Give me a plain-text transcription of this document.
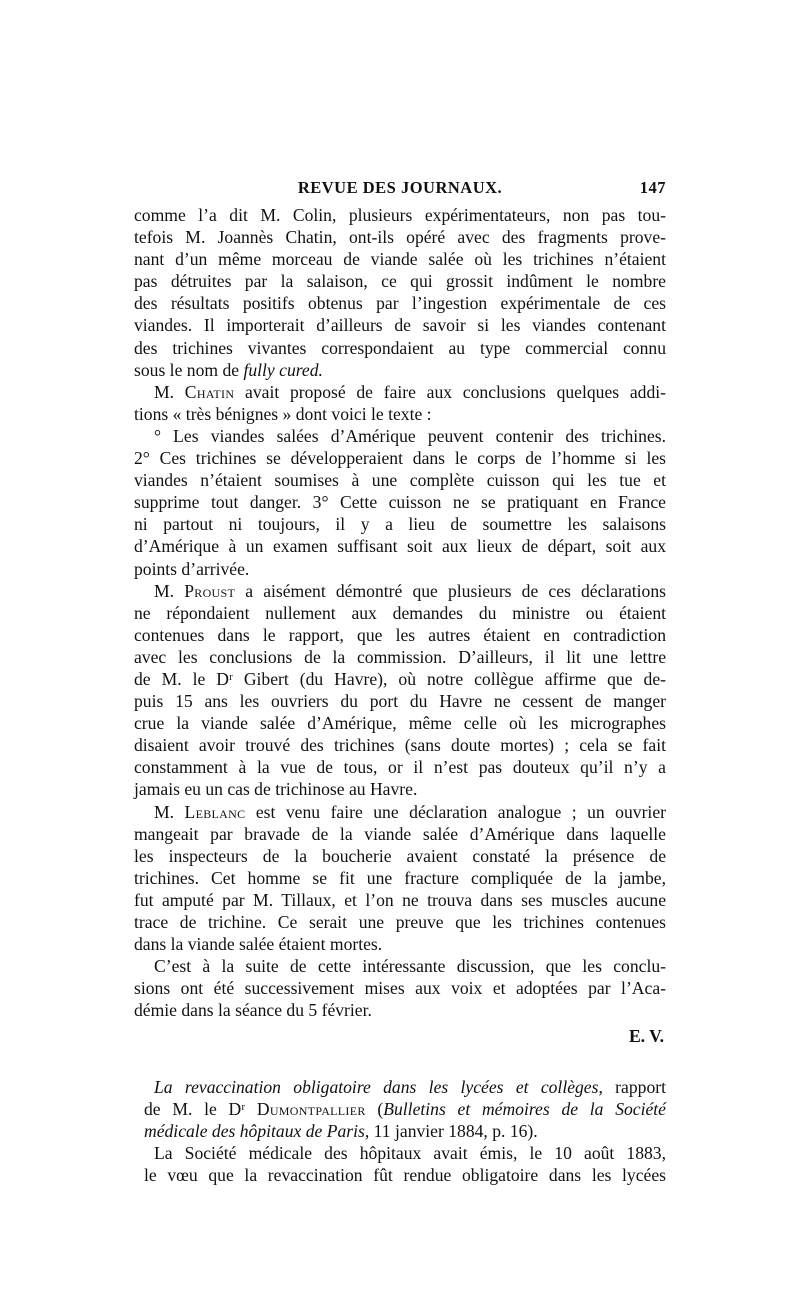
REVUE DES JOURNAUX.	147
comme l’a dit M. Colin, plusieurs expérimentateurs, non pas tou-
tefois M. Joannès Chatin, ont-ils opéré avec des fragments prove-
nant d’un même morceau de viande salée où les trichines n’étaient
pas détruites par la salaison, ce qui grossit indûment le nombre
des résultats positifs obtenus par l’ingestion expérimentale de ces
viandes. Il importerait d’ailleurs de savoir si les viandes contenant
des trichines vivantes correspondaient au type commercial connu
sous le nom de fully cured.
M. Chatin avait proposé de faire aux conclusions quelques addi-
tions « très bénignes » dont voici le texte :
° Les viandes salées d’Amérique peuvent contenir des trichines.
2° Ces trichines se développeraient dans le corps de l’homme si les
viandes n’étaient soumises à une complète cuisson qui les tue et
supprime tout danger. 3° Cette cuisson ne se pratiquant en France
ni partout ni toujours, il y a lieu de soumettre les salaisons
d’Amérique à un examen suffisant soit aux lieux de départ, soit aux
points d’arrivée.
M. Proust a aisément démontré que plusieurs de ces déclarations
ne répondaient nullement aux demandes du ministre ou étaient
contenues dans le rapport, que les autres étaient en contradiction
avec les conclusions de la commission. D’ailleurs, il lit une lettre
de M. le Dʳ Gibert (du Havre), où notre collègue affirme que de-
puis 15 ans les ouvriers du port du Havre ne cessent de manger
crue la viande salée d’Amérique, même celle où les micrographes
disaient avoir trouvé des trichines (sans doute mortes) ; cela se fait
constamment à la vue de tous, or il n’est pas douteux qu’il n’y a
jamais eu un cas de trichinose au Havre.
M. Leblanc est venu faire une déclaration analogue ; un ouvrier
mangeait par bravade de la viande salée d’Amérique dans laquelle
les inspecteurs de la boucherie avaient constaté la présence de
trichines. Cet homme se fit une fracture compliquée de la jambe,
fut amputé par M. Tillaux, et l’on ne trouva dans ses muscles aucune
trace de trichine. Ce serait une preuve que les trichines contenues
dans la viande salée étaient mortes.
C’est à la suite de cette intéressante discussion, que les conclu-
sions ont été successivement mises aux voix et adoptées par l’Aca-
démie dans la séance du 5 février.
E. V.
La revaccination obligatoire dans les lycées et collèges, rapport
de M. le Dʳ Dumontpallier (Bulletins et mémoires de la Société
médicale des hôpitaux de Paris, 11 janvier 1884, p. 16).
La Société médicale des hôpitaux avait émis, le 10 août 1883,
le vœu que la revaccination fût rendue obligatoire dans les lycées
